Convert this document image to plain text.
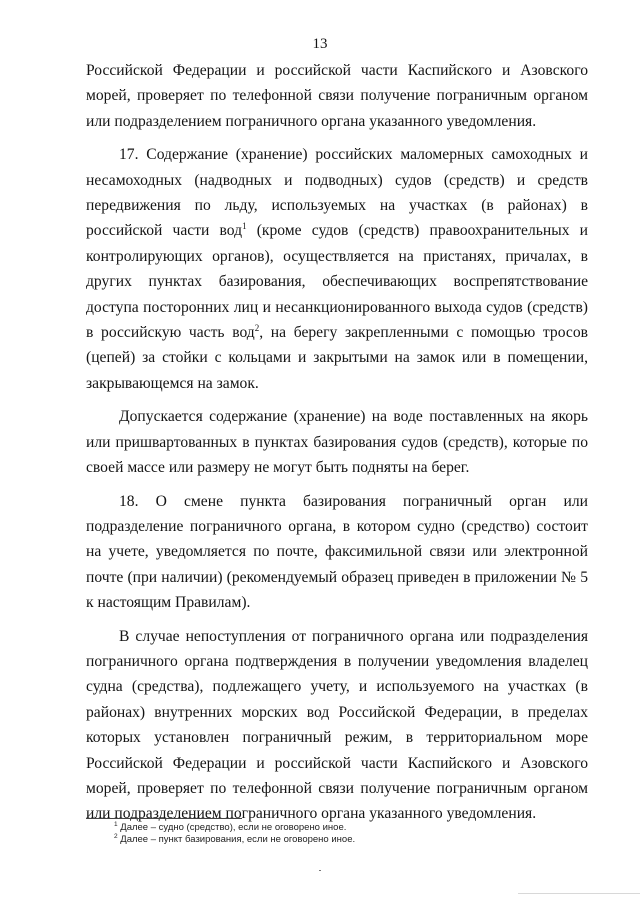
13

Российской Федерации и российской части Каспийского и Азовского морей, проверяет по телефонной связи получение пограничным органом или подразделением пограничного органа указанного уведомления.

17. Содержание (хранение) российских маломерных самоходных и несамоходных (надводных и подводных) судов (средств) и средств передвижения по льду, используемых на участках (в районах) в российской части вод$^1$ (кроме судов (средств) правоохранительных и контролирующих органов), осуществляется на пристанях, причалах, в других пунктах базирования, обеспечивающих воспрепятствование доступа посторонних лиц и несанкционированного выхода судов (средств) в российскую часть вод$^2$, на берегу закрепленными с помощью тросов (цепей) за стойки с кольцами и закрытыми на замок или в помещении, закрывающемся на замок.

Допускается содержание (хранение) на воде поставленных на якорь или пришвартованных в пунктах базирования судов (средств), которые по своей массе или размеру не могут быть подняты на берег.

18. О смене пункта базирования пограничный орган или подразделение пограничного органа, в котором судно (средство) состоит на учете, уведомляется по почте, факсимильной связи или электронной почте (при наличии) (рекомендуемый образец приведен в приложении № 5 к настоящим Правилам).

В случае непоступления от пограничного органа или подразделения пограничного органа подтверждения в получении уведомления владелец судна (средства), подлежащего учету, и используемого на участках (в районах) внутренних морских вод Российской Федерации, в пределах которых установлен пограничный режим, в территориальном море Российской Федерации и российской части Каспийского и Азовского морей, проверяет по телефонной связи получение пограничным органом или подразделением пограничного органа указанного уведомления.

$^1$ Далее – судно (средство), если не оговорено иное.
$^2$ Далее – пункт базирования, если не оговорено иное.
